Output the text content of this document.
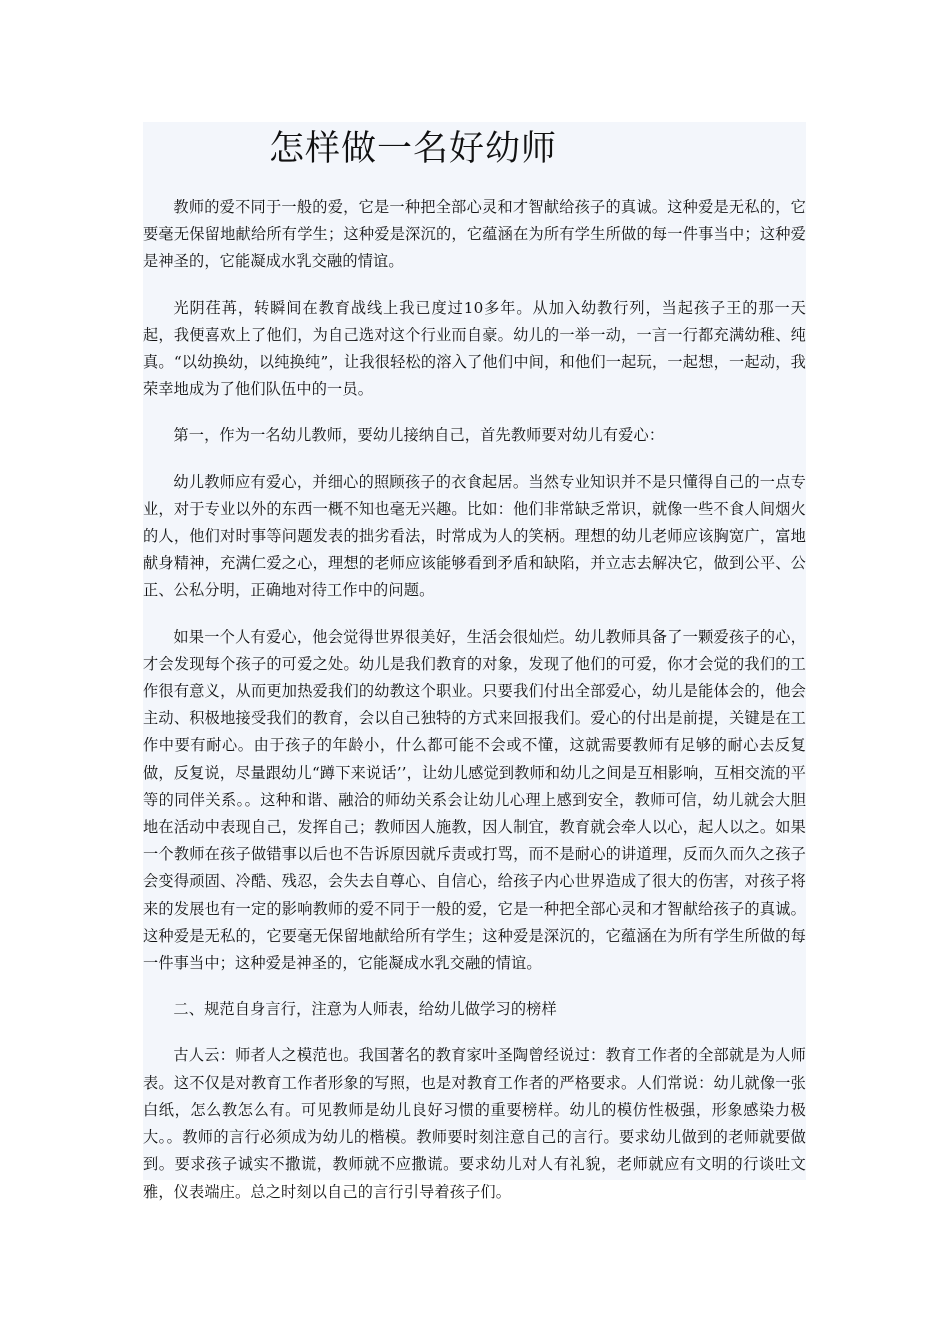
怎样做一名好幼师

教师的爱不同于一般的爱，它是一种把全部心灵和才智献给孩子的真诚。这种爱是无私的，它要毫无保留地献给所有学生；这种爱是深沉的，它蕴涵在为所有学生所做的每一件事当中；这种爱是神圣的，它能凝成水乳交融的情谊。

光阴荏苒，转瞬间在教育战线上我已度过10多年。从加入幼教行列，当起孩子王的那一天起，我便喜欢上了他们，为自己选对这个行业而自豪。幼儿的一举一动，一言一行都充满幼稚、纯真。“以幼换幼，以纯换纯”，让我很轻松的溶入了他们中间，和他们一起玩，一起想，一起动，我荣幸地成为了他们队伍中的一员。

第一，作为一名幼儿教师，要幼儿接纳自己，首先教师要对幼儿有爱心：

幼儿教师应有爱心，并细心的照顾孩子的衣食起居。当然专业知识并不是只懂得自己的一点专业，对于专业以外的东西一概不知也毫无兴趣。比如：他们非常缺乏常识，就像一些不食人间烟火的人，他们对时事等问题发表的拙劣看法，时常成为人的笑柄。理想的幼儿老师应该胸宽广，富地献身精神，充满仁爱之心，理想的老师应该能够看到矛盾和缺陷，并立志去解决它，做到公平、公正、公私分明，正确地对待工作中的问题。

如果一个人有爱心，他会觉得世界很美好，生活会很灿烂。幼儿教师具备了一颗爱孩子的心，才会发现每个孩子的可爱之处。幼儿是我们教育的对象，发现了他们的可爱，你才会觉的我们的工作很有意义，从而更加热爱我们的幼教这个职业。只要我们付出全部爱心，幼儿是能体会的，他会主动、积极地接受我们的教育，会以自己独特的方式来回报我们。爱心的付出是前提，关键是在工作中要有耐心。由于孩子的年龄小，什么都可能不会或不懂，这就需要教师有足够的耐心去反复做，反复说，尽量跟幼儿“蹲下来说话’’，让幼儿感觉到教师和幼儿之间是互相影响，互相交流的平等的同伴关系。。这种和谐、融洽的师幼关系会让幼儿心理上感到安全，教师可信，幼儿就会大胆地在活动中表现自己，发挥自己；教师因人施教，因人制宜，教育就会牵人以心，起人以之。如果一个教师在孩子做错事以后也不告诉原因就斥责或打骂，而不是耐心的讲道理，反而久而久之孩子会变得顽固、冷酷、残忍，会失去自尊心、自信心，给孩子内心世界造成了很大的伤害，对孩子将来的发展也有一定的影响教师的爱不同于一般的爱，它是一种把全部心灵和才智献给孩子的真诚。这种爱是无私的，它要毫无保留地献给所有学生；这种爱是深沉的，它蕴涵在为所有学生所做的每一件事当中；这种爱是神圣的，它能凝成水乳交融的情谊。

二、规范自身言行，注意为人师表，给幼儿做学习的榜样

古人云：师者人之模范也。我国著名的教育家叶圣陶曾经说过：教育工作者的全部就是为人师表。这不仅是对教育工作者形象的写照，也是对教育工作者的严格要求。人们常说：幼儿就像一张白纸，怎么教怎么有。可见教师是幼儿良好习惯的重要榜样。幼儿的模仿性极强，形象感染力极大。。教师的言行必须成为幼儿的楷模。教师要时刻注意自己的言行。要求幼儿做到的老师就要做到。要求孩子诚实不撒谎，教师就不应撒谎。要求幼儿对人有礼貌，老师就应有文明的行谈吐文雅，仪表端庄。总之时刻以自己的言行引导着孩子们。
